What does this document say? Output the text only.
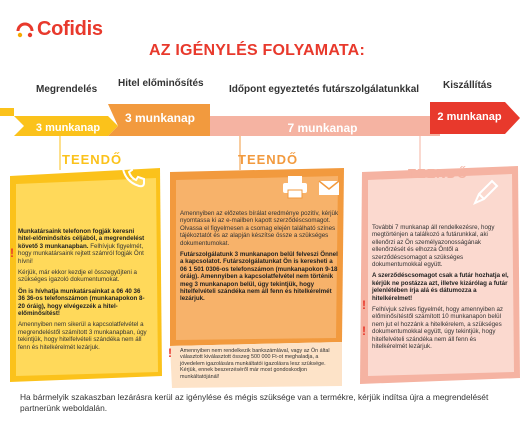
Cofidis
AZ IGÉNYLÉS FOLYAMATA:
Megrendelés
Hitel előminősítés
Időpont egyeztetés futárszolgálatunkkal Kiszállítás
3 munkanap
3 munkanap
7 munkanap
2 munkanap
TEENDŐ

Munkatársaink telefonon fogják keresni hitel-előminősítés céljából, a megrendelést követő 3 munkanapban. Felhívjuk figyelmét, hogy munkatársaink rejtett számról fogják Önt hívni!

Kérjük, már ekkor kezdje el összegyűjteni a szükséges igazoló dokumentumokat.

Ön is hívhatja munkatársainkat a 06 40 36 36 36-os telefonszámon (munkanapokon 8-20 óráig), hogy elvégezzék a hitel-előminősítést!

Amennyiben nem sikerül a kapcsolatfelvétel a megrendeléstől számított 3 munkanapban, úgy tekintjük, hogy hitelfelvételi szándéka nem áll fenn és hitelkérelmét lezárjuk.

!
TEENDŐ

Amennyiben az előzetes bírálat eredménye pozitív, kérjük nyomtassa ki az e-mailben kapott szerződéscsomagot. Olvassa el figyelmesen a csomag elején található színes tájékoztatót és az alapján készítse össze a szükséges dokumentumokat.

Futárszolgálatunk 3 munkanapon belül felveszi Önnel a kapcsolatot. Futárszolgálatunkat Ön is keresheti a 06 1 501 0306-os telefonszámon (munkanapokon 9-18 óráig). Amennyiben a kapcsolatfelvétel nem történik meg 3 munkanapon belül, úgy tekintjük, hogy hitelfelvételi szándéka nem áll fenn és hitelkérelmét lezárjuk.

Amennyiben nem rendelkezik bankszámlával, vagy az Ön által választott kiválasztott összeg 500 000 Ft-ot meghaladja, a jövedelem igazolására munkáltatói igazolásra lesz szüksége. Kérjük, ennek beszerzéséről már most gondoskodjon munkáltatójánál!
!
TEENDŐ

További 7 munkanap áll rendelkezésre, hogy megtörténjen a találkozó a futárunkkal, aki ellenőrzi az Ön személyazonosságának ellenőrzését és elhozza Öntől a szerződéscsomagot a szükséges dokumentumokkal együtt.

A szerződéscsomagot csak a futár hozhatja el, kérjük ne postázza azt, illetve kizárólag a futár jelenlétében írja alá és dátumozza a hitelkérelmet!

Felhívjuk szíves figyelmét, hogy amennyiben az előminősítéstől számított 10 munkanapon belül nem jut el hozzánk a hitelkérelem, a szükséges dokumentumokkal együtt, úgy tekintjük, hogy hitelfelvételi szándéka nem áll fenn és hitelkérelmét lezárjuk.

!
!
Ha bármelyik szakaszban lezárásra kerül az igénylése és mégis szüksége van a termékre, kérjük indítsa újra a megrendelését partnerünk weboldalán.
